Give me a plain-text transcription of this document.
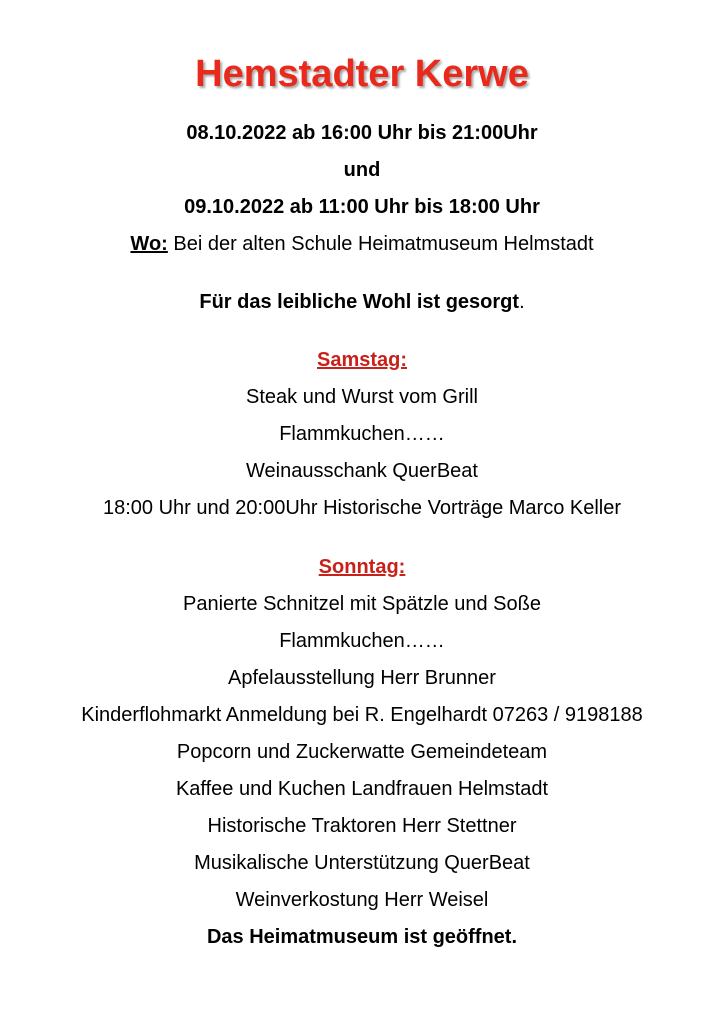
Hemstadter Kerwe
08.10.2022 ab 16:00 Uhr bis 21:00Uhr
und
09.10.2022 ab 11:00 Uhr bis 18:00 Uhr
Wo: Bei der alten Schule Heimatmuseum Helmstadt
Für das leibliche Wohl ist gesorgt.
Samstag:
Steak und Wurst vom Grill
Flammkuchen……
Weinausschank QuerBeat
18:00 Uhr und 20:00Uhr Historische Vorträge Marco Keller
Sonntag:
Panierte Schnitzel mit Spätzle und Soße
Flammkuchen……
Apfelausstellung Herr Brunner
Kinderflohmarkt Anmeldung bei R. Engelhardt 07263 / 9198188
Popcorn und Zuckerwatte Gemeindeteam
Kaffee und Kuchen Landfrauen Helmstadt
Historische Traktoren Herr Stettner
Musikalische Unterstützung QuerBeat
Weinverkostung Herr Weisel
Das Heimatmuseum ist geöffnet.
